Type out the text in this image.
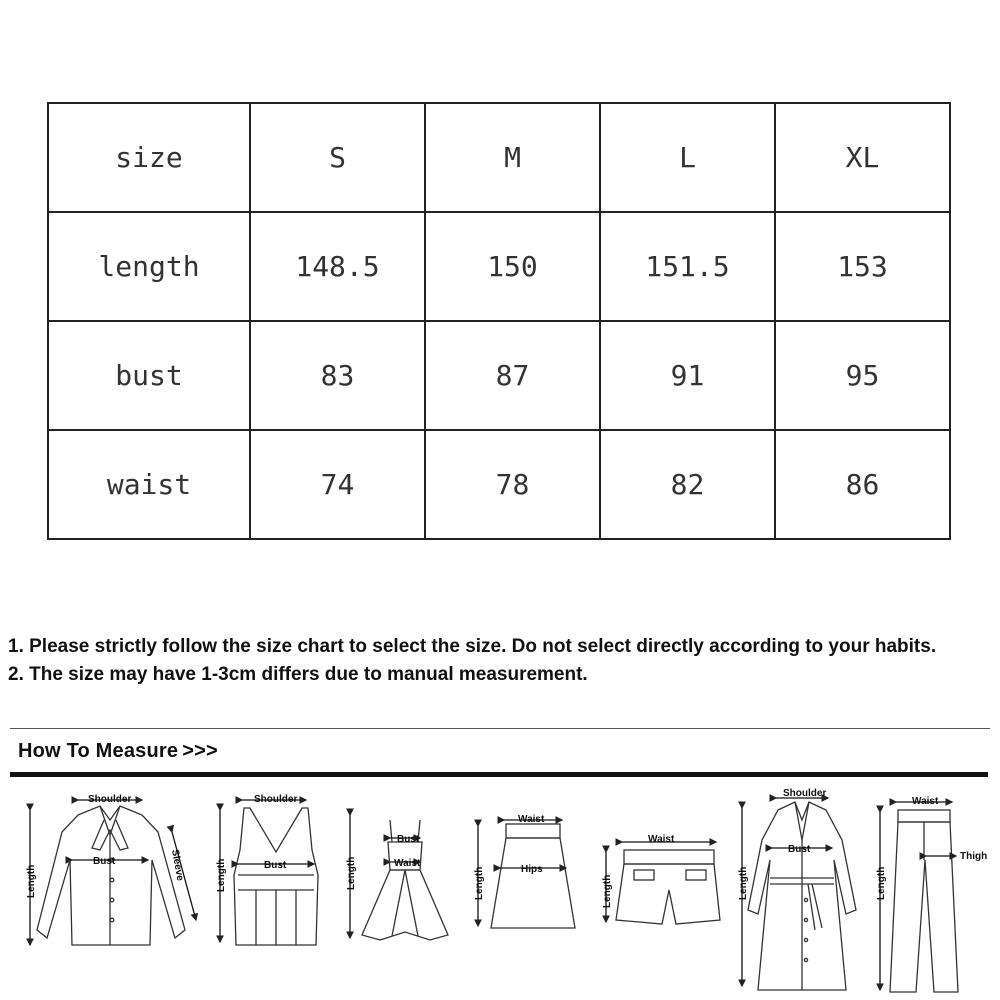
size	S	M	L	XL
length	148.5	150	151.5	153
bust	83	87	91	95
waist	74	78	82	86

1. Please strictly follow the size chart to select the size. Do not select directly according to your habits.

2. The size may have 1-3cm differs due to manual measurement.

How To Measure >>>
Shoulder
Bust
Length	Sleeve
Shoulder
Bust
Length
Bust
Waist
Length
Waist
Hips
Length
Waist
Length
Shoulder
Bust
Length
Waist
Thigh
Length
